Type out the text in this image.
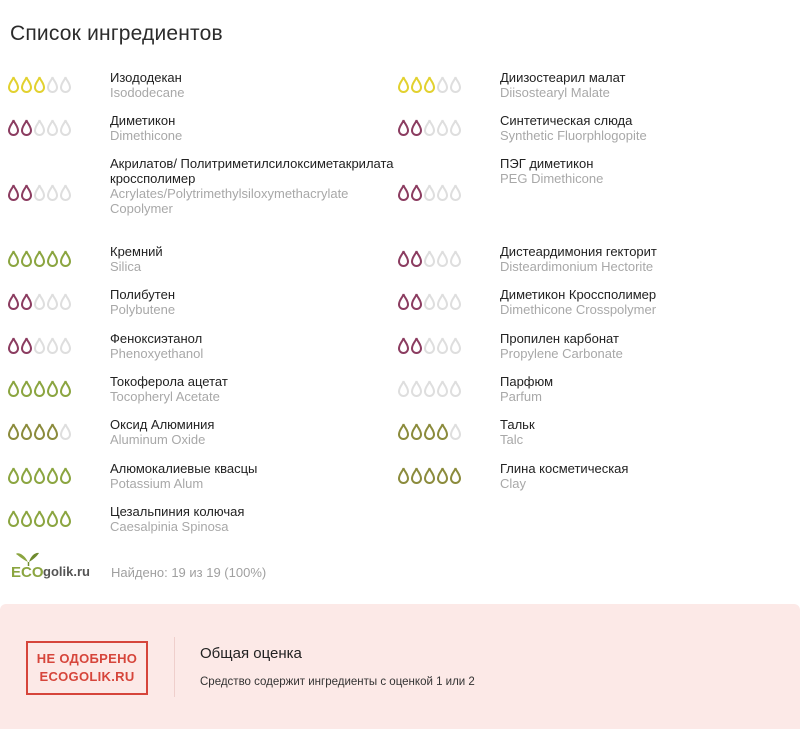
Список ингредиентов
Изододекан
Isododecane
Диметикон
Dimethicone
Акрилатов/ Политриметилсилоксиметакрилата кроссполимер
Acrylates/Polytrimethylsiloxymethacrylate Copolymer
Кремний
Silica
Полибутен
Polybutene
Феноксиэтанол
Phenoxyethanol
Токоферола ацетат
Tocopheryl Acetate
Оксид Алюминия
Aluminum Oxide
Алюмокалиевые квасцы
Potassium Alum
Цезальпиния колючая
Caesalpinia Spinosa
Диизостеарил малат
Diisostearyl Malate
Синтетическая слюда
Synthetic Fluorphlogopite
ПЭГ диметикон
PEG Dimethicone
Дистеардимония гекторит
Disteardimonium Hectorite
Диметикон Кроссполимер
Dimethicone Crosspolymer
Пропилен карбонат
Propylene Carbonate
Парфюм
Parfum
Тальк
Talc
Глина косметическая
Clay
ECO golik.ru Найдено: 19 из 19 (100%)
НЕ ОДОБРЕНО
ECOGOLIK.RU
Общая оценка
Средство содержит ингредиенты с оценкой 1 или 2
